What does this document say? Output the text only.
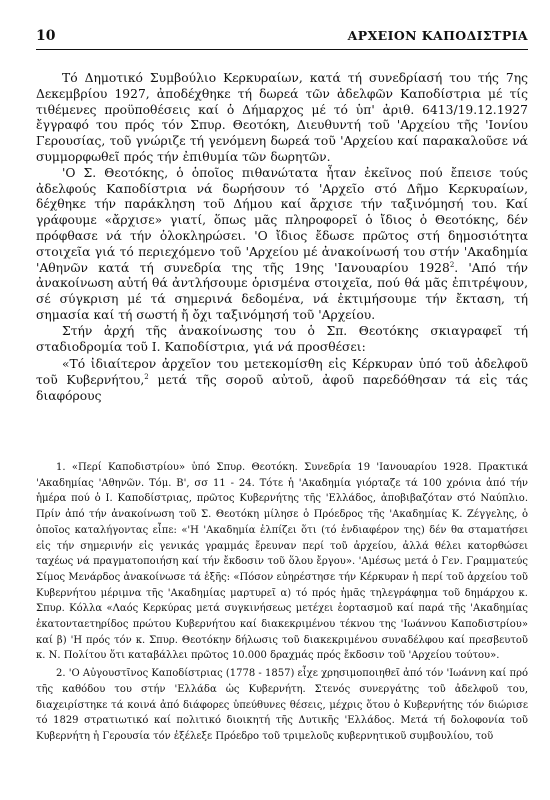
10	ΑΡΧΕΙΟΝ ΚΑΠΟΔΙΣΤΡΙΑ

Τό Δημοτικό Συμβούλιο Κερκυραίων, κατά τή συνεδρίασή του τής 7ης Δεκεμβρίου 1927, ἀποδέχθηκε τή δωρεά τῶν ἀδελφῶν Καποδίστρια μέ τίς τιθέμενες προϋποθέσεις καί ὁ Δήμαρχος μέ τό ὑπ' ἀριθ. 6413/19.12.1927 ἔγγραφό του πρός τόν Σπυρ. Θεοτόκη, Διευθυντή τοῦ 'Αρχείου τῆς 'Ιονίου Γερουσίας, τοῦ γνώριζε τή γενόμενη δωρεά τοῦ 'Αρχείου καί παρακαλοῦσε νά συμμορφωθεῖ πρός τήν ἐπιθυμία τῶν δωρητῶν.

'Ο Σ. Θεοτόκης, ὁ ὁποῖος πιθανώτατα ἦταν ἐκεῖνος πού ἔπεισε τούς ἀδελφούς Καποδίστρια νά δωρήσουν τό 'Αρχεῖο στό Δῆμο Κερκυραίων, δέχθηκε τήν παράκληση τοῦ Δήμου καί ἄρχισε τήν ταξινόμησή του. Καί γράφουμε «ἄρχισε» γιατί, ὅπως μᾶς πληροφορεῖ ὁ ἴδιος ὁ Θεοτόκης, δέν πρόφθασε νά τήν ὁλοκληρώσει. 'Ο ἴδιος ἔδωσε πρῶτος στή δημοσιότητα στοιχεῖα γιά τό περιεχόμενο τοῦ 'Αρχείου μέ ἀνακοίνωσή του στήν 'Ακαδημία 'Αθηνῶν κατά τή συνεδρία της τῆς 19ης 'Ιανουαρίου 1928$^2$. 'Από τήν ἀνακοίνωση αὐτή θά ἀντλήσουμε ὁρισμένα στοιχεῖα, πού θά μᾶς ἐπιτρέψουν, σέ σύγκριση μέ τά σημερινά δεδομένα, νά ἐκτιμήσουμε τήν ἔκταση, τή σημασία καί τή σωστή ἤ ὄχι ταξινόμησή τοῦ 'Αρχείου.

Στήν ἀρχή τῆς ἀνακοίνωσης του ὁ Σπ. Θεοτόκης σκιαγραφεῖ τή σταδιοδρομία τοῦ Ι. Καποδίστρια, γιά νά προσθέσει:

«Τό ἰδιαίτερον ἀρχεῖον του μετεκομίσθη εἰς Κέρκυραν ὑπό τοῦ ἀδελφοῦ τοῦ Κυβερνήτου,$^2$ μετά τῆς σοροῦ αὐτοῦ, ἀφοῦ παρεδόθησαν τά εἰς τάς διαφόρους

1. «Περί Καποδιστρίου» ὑπό Σπυρ. Θεοτόκη. Συνεδρία 19 'Ιανουαρίου 1928. Πρακτικά 'Ακαδημίας 'Αθηνῶν. Τόμ. Β', σσ 11 - 24. Τότε ἡ 'Ακαδημία γιόρταζε τά 100 χρόνια ἀπό τήν ἡμέρα πού ὁ Ι. Καποδίστριας, πρῶτος Κυβερνήτης τῆς 'Ελλάδος, ἀποβιβαζόταν στό Ναύπλιο. Πρίν ἀπό τήν ἀνακοίνωση τοῦ Σ. Θεοτόκη μίλησε ὁ Πρόεδρος τῆς 'Ακαδημίας Κ. Ζέγγελης, ὁ ὁποῖος καταλήγοντας εἶπε: «'Η 'Ακαδημία ἐλπίζει ὅτι (τό ἐνδιαφέρον της) δέν θα σταματήσει εἰς τήν σημερινήν εἰς γενικάς γραμμάς ἔρευναν περί τοῦ ἀρχείου, ἀλλά θέλει κατορθώσει ταχέως νά πραγματοποιήση καί τήν ἔκδοσιν τοῦ ὅλου ἔργου». 'Αμέσως μετά ὁ Γεν. Γραμματεύς Σίμος Μενάρδος ἀνακοίνωσε τά ἑξῆς: «Πόσον εὐηρέστησε τήν Κέρκυραν ἡ περί τοῦ ἀρχείου τοῦ Κυβερνήτου μέριμνα τῆς 'Ακαδημίας μαρτυρεῖ α) τό πρός ἡμᾶς τηλεγράφημα τοῦ δημάρχου κ. Σπυρ. Κόλλα «Λαός Κερκύρας μετά συγκινήσεως μετέχει ἑορτασμοῦ καί παρά τῆς 'Ακαδημίας ἑκατονταετηρίδος πρώτου Κυβερνήτου καί διακεκριμένου τέκνου της 'Ιωάννου Καποδιστρίου» καί β) 'Η πρός τόν κ. Σπυρ. Θεοτόκην δήλωσις τοῦ διακεκριμένου συναδέλφου καί πρεσβευτοῦ κ. Ν. Πολίτου ὅτι καταβάλλει πρῶτος 10.000 δραχμάς πρός ἔκδοσιν τοῦ 'Αρχείου τούτου».

2. 'Ο Αὐγουστῖνος Καποδίστριας (1778 - 1857) εἶχε χρησιμοποιηθεῖ ἀπό τόν 'Ιωάννη καί πρό τῆς καθόδου του στήν 'Ελλάδα ὡς Κυβερνήτη. Στενός συνεργάτης τοῦ ἀδελφοῦ του, διαχειρίστηκε τά κοινά ἀπό διάφορες ὑπεύθυνες θέσεις, μέχρις ὅτου ὁ Κυβερνήτης τόν διώρισε τό 1829 στρατιωτικό καί πολιτικό διοικητή τῆς Δυτικῆς 'Ελλάδος. Μετά τή δολοφονία τοῦ Κυβερνήτη ἡ Γερουσία τόν ἐξέλεξε Πρόεδρο τοῦ τριμελοῦς κυβερνητικοῦ συμβουλίου, τοῦ
